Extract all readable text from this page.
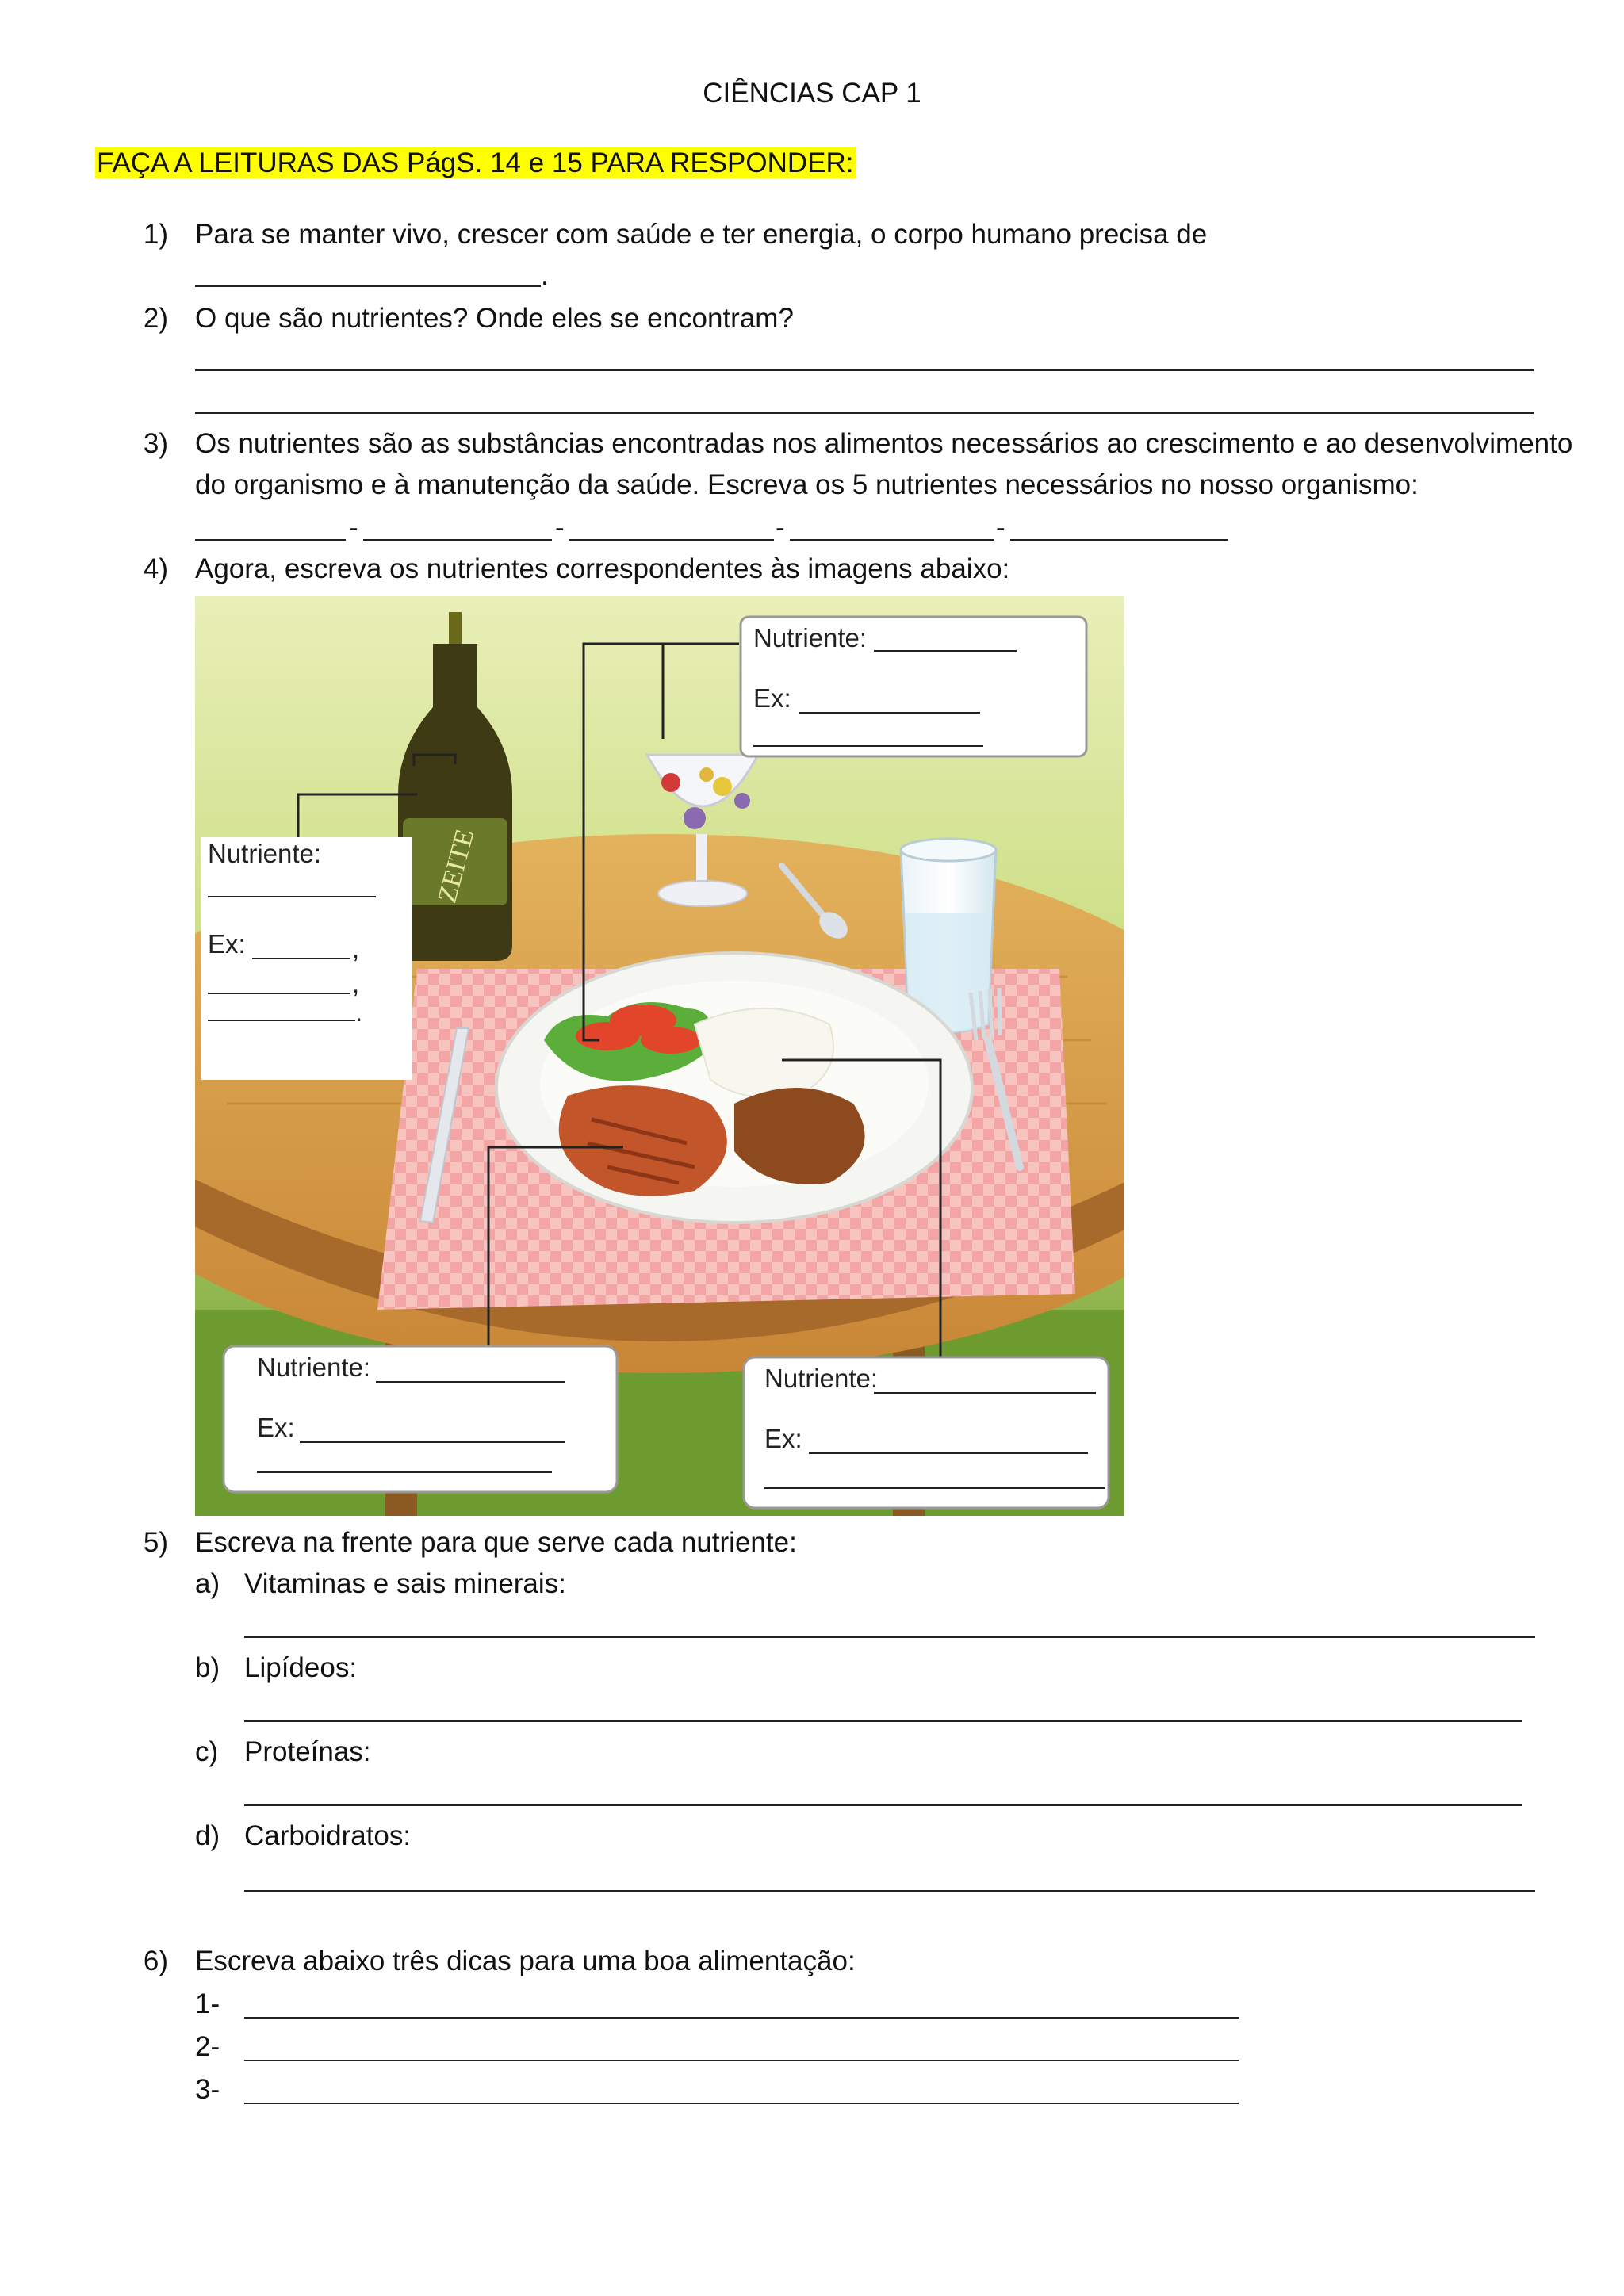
CIÊNCIAS CAP 1
FAÇA A LEITURAS DAS PágS. 14 e 15 PARA RESPONDER:
1) Para se manter vivo, crescer com saúde e ter energia, o corpo humano precisa de
.
2) O que são nutrientes? Onde eles se encontram?
3) Os nutrientes são as substâncias encontradas nos alimentos necessários ao crescimento e ao desenvolvimento
do organismo e à manutenção da saúde. Escreva os 5 nutrientes necessários no nosso organismo:
-	-	-	-
4) Agora, escreva os nutrientes correspondentes às imagens abaixo:
ZEITE
Nutriente:
Ex:
Nutriente:
Ex:	,
,
.
Nutriente:
Ex:
Nutriente:
Ex:
5) Escreva na frente para que serve cada nutriente:
a) Vitaminas e sais minerais:
b) Lipídeos:
c) Proteínas:
d) Carboidratos:
6) Escreva abaixo três dicas para uma boa alimentação:
1-
2-
3-
